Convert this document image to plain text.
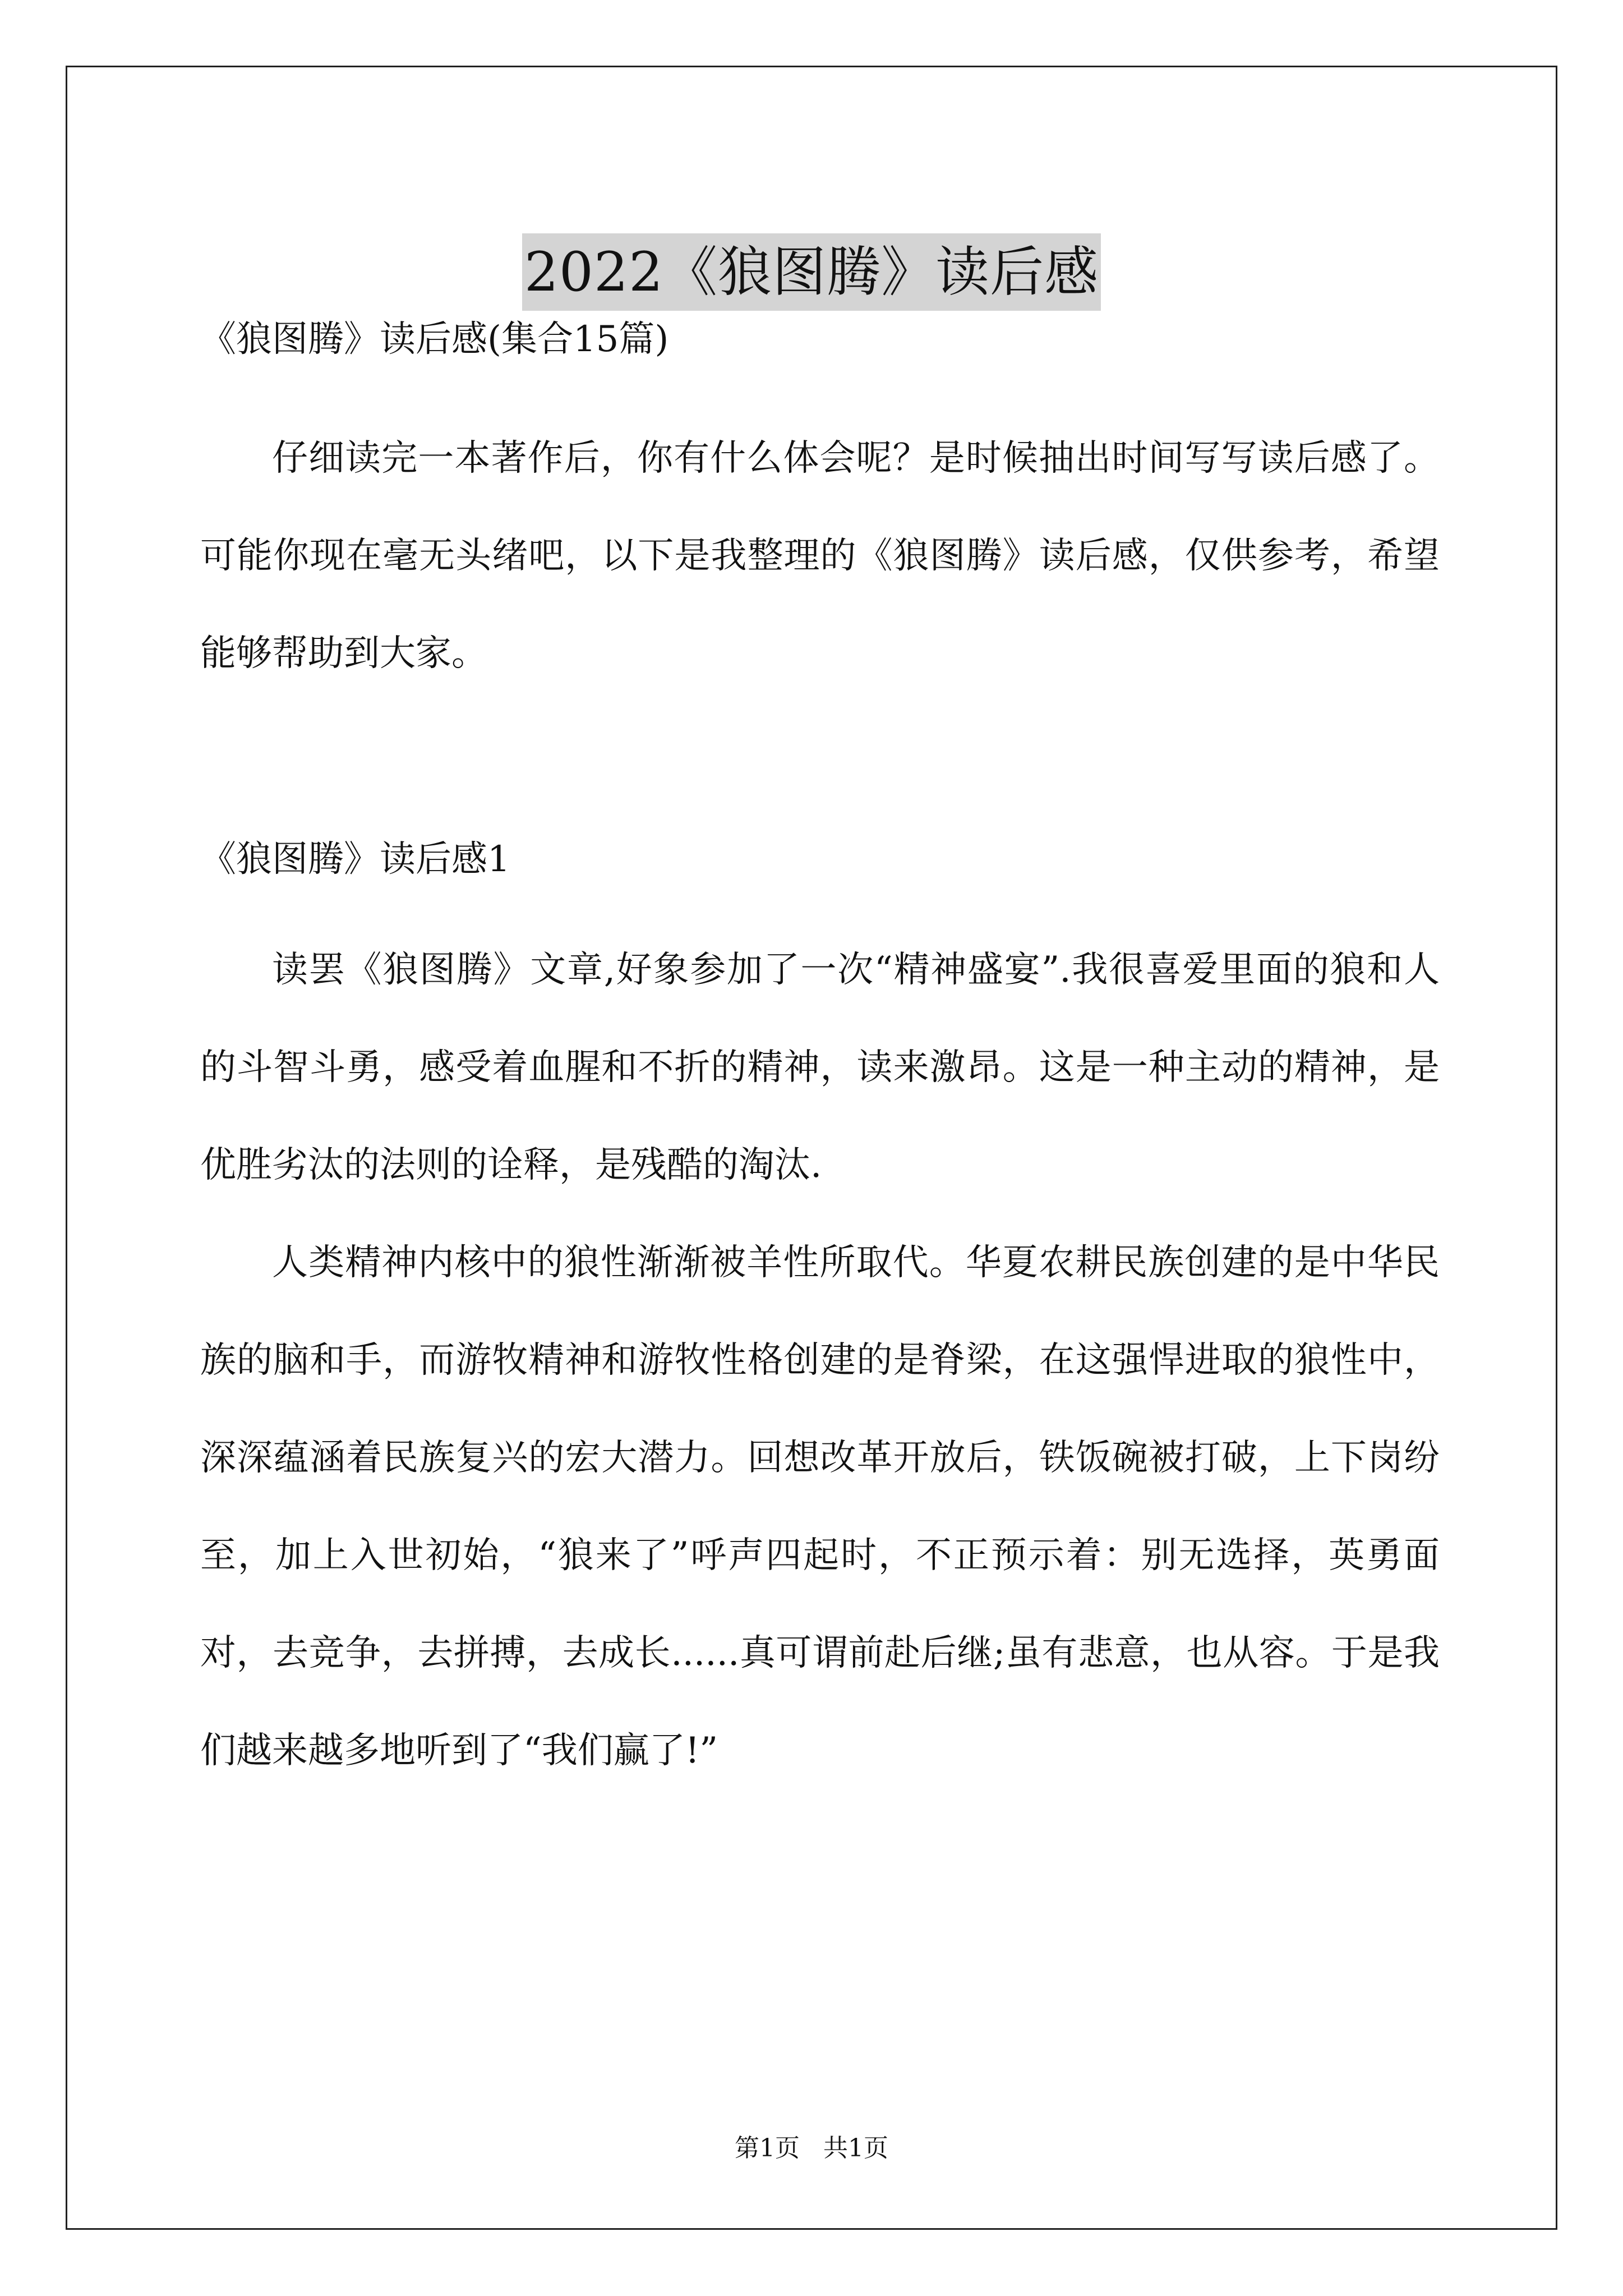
2022《狼图腾》读后感

《狼图腾》读后感(集合15篇)

仔细读完一本著作后，你有什么体会呢？是时候抽出时间写写读后感了。可能你现在毫无头绪吧，以下是我整理的《狼图腾》读后感，仅供参考，希望能够帮助到大家。

《狼图腾》读后感1

读罢《狼图腾》文章,好象参加了一次“精神盛宴”.我很喜爱里面的狼和人的斗智斗勇，感受着血腥和不折的精神，读来激昂。这是一种主动的精神，是优胜劣汰的法则的诠释，是残酷的淘汰.

人类精神内核中的狼性渐渐被羊性所取代。华夏农耕民族创建的是中华民族的脑和手，而游牧精神和游牧性格创建的是脊梁，在这强悍进取的狼性中，深深蕴涵着民族复兴的宏大潜力。回想改革开放后，铁饭碗被打破，上下岗纷至，加上入世初始，“狼来了”呼声四起时，不正预示着：别无选择，英勇面对，去竞争，去拼搏，去成长......真可谓前赴后继;虽有悲意，也从容。于是我们越来越多地听到了“我们赢了!”

第1页   共1页
